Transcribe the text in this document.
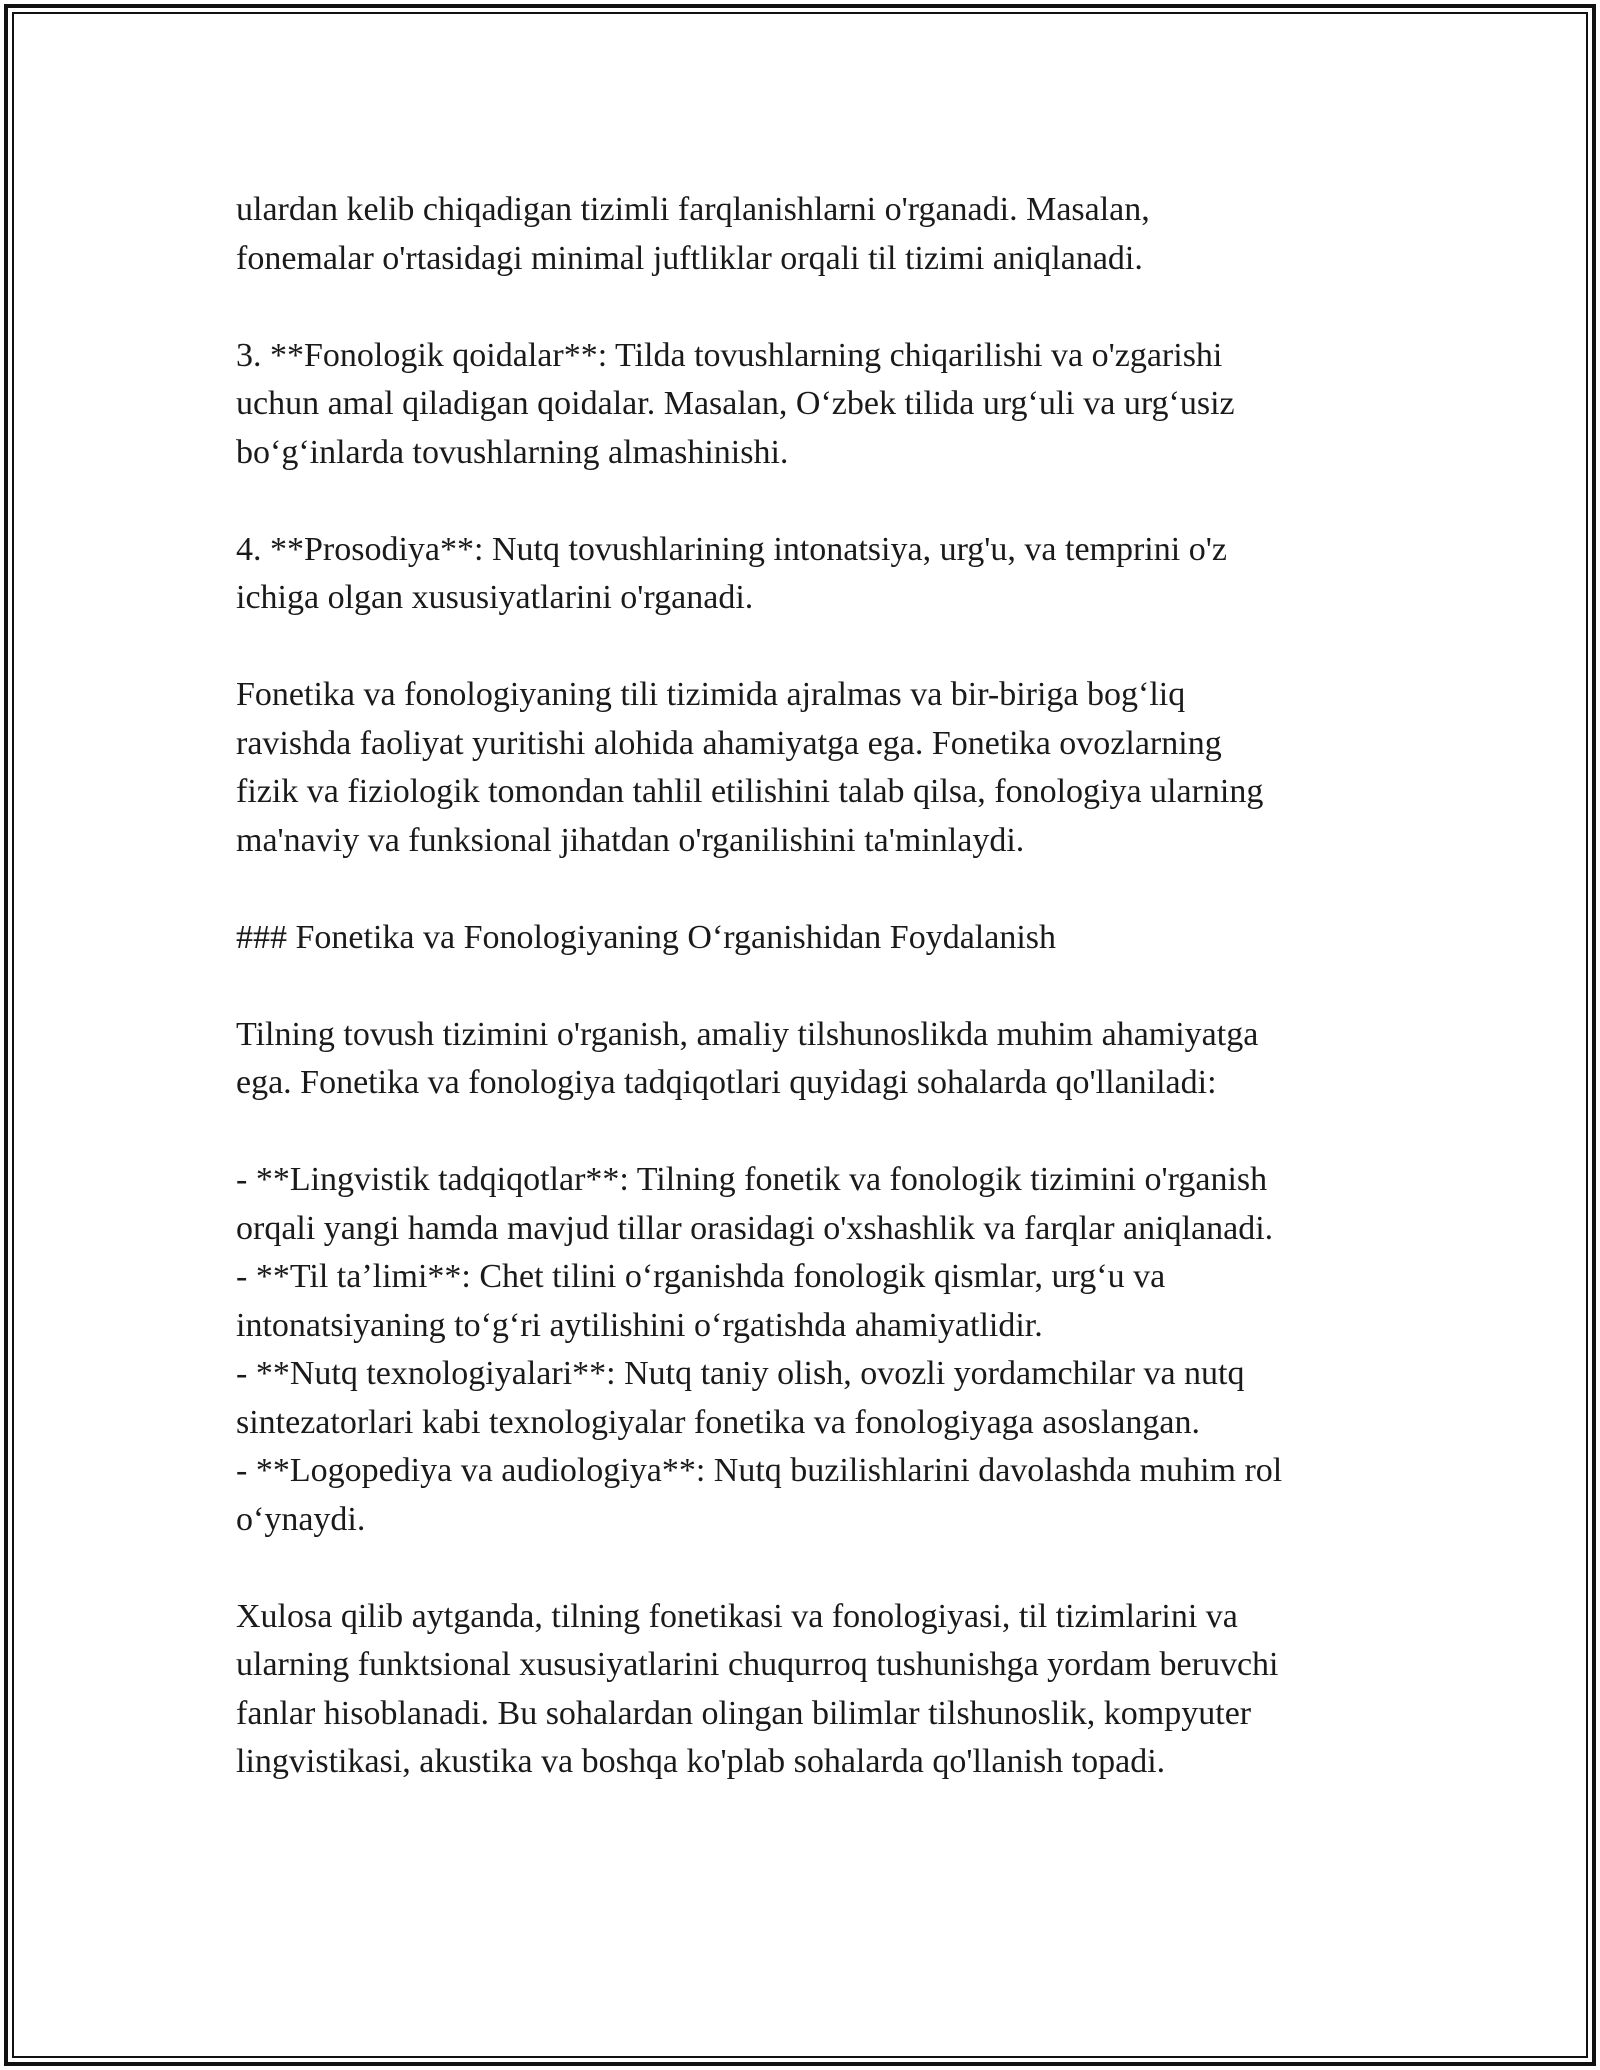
ulardan kelib chiqadigan tizimli farqlanishlarni o'rganadi. Masalan,
fonemalar o'rtasidagi minimal juftliklar orqali til tizimi aniqlanadi.
3. **Fonologik qoidalar**: Tilda tovushlarning chiqarilishi va o'zgarishi
uchun amal qiladigan qoidalar. Masalan, O‘zbek tilida urg‘uli va urg‘usiz
bo‘g‘inlarda tovushlarning almashinishi.
4. **Prosodiya**: Nutq tovushlarining intonatsiya, urg'u, va temprini o'z
ichiga olgan xususiyatlarini o'rganadi.
Fonetika va fonologiyaning tili tizimida ajralmas va bir-biriga bog‘liq
ravishda faoliyat yuritishi alohida ahamiyatga ega. Fonetika ovozlarning
fizik va fiziologik tomondan tahlil etilishini talab qilsa, fonologiya ularning
ma'naviy va funksional jihatdan o'rganilishini ta'minlaydi.
### Fonetika va Fonologiyaning O‘rganishidan Foydalanish
Tilning tovush tizimini o'rganish, amaliy tilshunoslikda muhim ahamiyatga
ega. Fonetika va fonologiya tadqiqotlari quyidagi sohalarda qo'llaniladi:
- **Lingvistik tadqiqotlar**: Tilning fonetik va fonologik tizimini o'rganish
orqali yangi hamda mavjud tillar orasidagi o'xshashlik va farqlar aniqlanadi.
- **Til ta’limi**: Chet tilini o‘rganishda fonologik qismlar, urg‘u va
intonatsiyaning to‘g‘ri aytilishini o‘rgatishda ahamiyatlidir.
- **Nutq texnologiyalari**: Nutq taniy olish, ovozli yordamchilar va nutq
sintezatorlari kabi texnologiyalar fonetika va fonologiyaga asoslangan.
- **Logopediya va audiologiya**: Nutq buzilishlarini davolashda muhim rol
o‘ynaydi.
Xulosa qilib aytganda, tilning fonetikasi va fonologiyasi, til tizimlarini va
ularning funktsional xususiyatlarini chuqurroq tushunishga yordam beruvchi
fanlar hisoblanadi. Bu sohalardan olingan bilimlar tilshunoslik, kompyuter
lingvistikasi, akustika va boshqa ko'plab sohalarda qo'llanish topadi.
